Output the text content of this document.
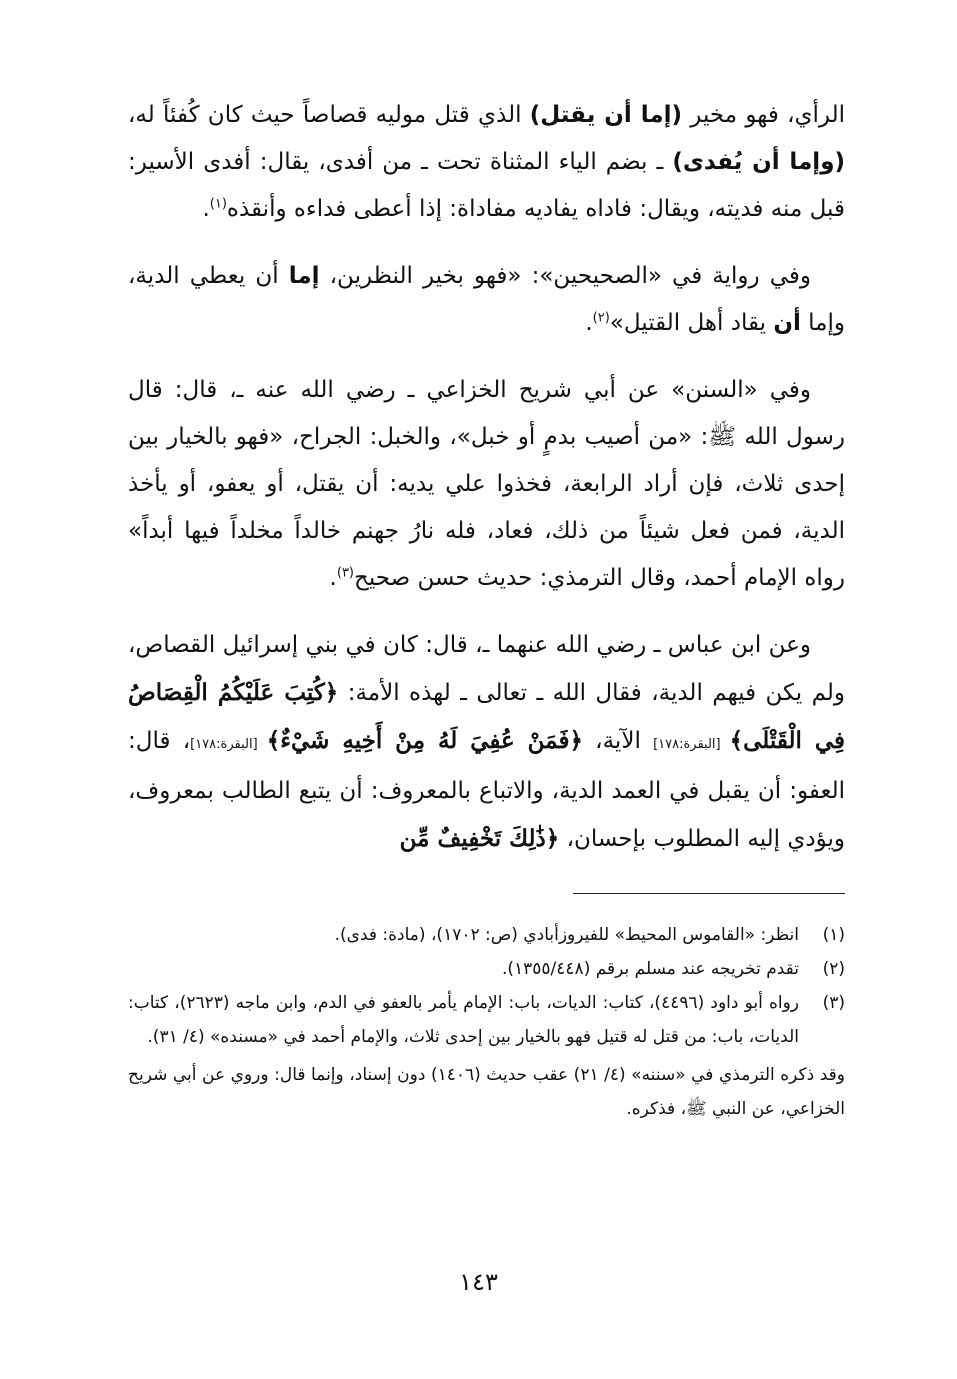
الرأي، فهو مخير (إما أن يقتل) الذي قتل موليه قصاصاً حيث كان كُفئاً له، (وإما أن يُفدى) ـ بضم الياء المثناة تحت ـ من أفدى، يقال: أفدى الأسير: قبل منه فديته، ويقال: فاداه يفاديه مفاداة: إذا أعطى فداءه وأنقذه$^{(١)}$.

وفي رواية في «الصحيحين»: «فهو بخير النظرين، إما أن يعطي الدية، وإما أن يقاد أهل القتيل»$^{(٢)}$.

وفي «السنن» عن أبي شريح الخزاعي ـ رضي الله عنه ـ، قال: قال رسول الله ﷺ: «من أصيب بدمٍ أو خبل»، والخبل: الجراح، «فهو بالخيار بين إحدى ثلاث، فإن أراد الرابعة، فخذوا علي يديه: أن يقتل، أو يعفو، أو يأخذ الدية، فمن فعل شيئاً من ذلك، فعاد، فله نارُ جهنم خالداً مخلداً فيها أبداً» رواه الإمام أحمد، وقال الترمذي: حديث حسن صحيح$^{(٣)}$.

وعن ابن عباس ـ رضي الله عنهما ـ، قال: كان في بني إسرائيل القصاص، ولم يكن فيهم الدية، فقال الله ـ تعالى ـ لهذه الأمة: ﴿كُتِبَ عَلَيْكُمُ الْقِصَاصُ فِي الْقَتْلَى﴾ [البقرة:١٧٨] الآية، ﴿فَمَنْ عُفِيَ لَهُ مِنْ أَخِيهِ شَيْءٌ﴾ [البقرة:١٧٨]، قال: العفو: أن يقبل في العمد الدية، والاتباع بالمعروف: أن يتبع الطالب بمعروف، ويؤدي إليه المطلوب بإحسان، ﴿ذَٰلِكَ تَخْفِيفٌ مِّن

(١)
انظر: «القاموس المحيط» للفيروزأبادي (ص: ١٧٠٢)، (مادة: فدى).
(٢)
تقدم تخريجه عند مسلم برقم (١٣٥٥/٤٤٨).
(٣)
رواه أبو داود (٤٤٩٦)، كتاب: الديات، باب: الإمام يأمر بالعفو في الدم، وابن ماجه (٢٦٢٣)، كتاب: الديات، باب: من قتل له قتيل فهو بالخيار بين إحدى ثلاث، والإمام أحمد في «مسنده» (٤/ ٣١).
وقد ذكره الترمذي في «سننه» (٤/ ٢١) عقب حديث (١٤٠٦) دون إسناد، وإنما قال: وروي عن أبي شريح الخزاعي، عن النبي ﷺ، فذكره.
١٤٣
